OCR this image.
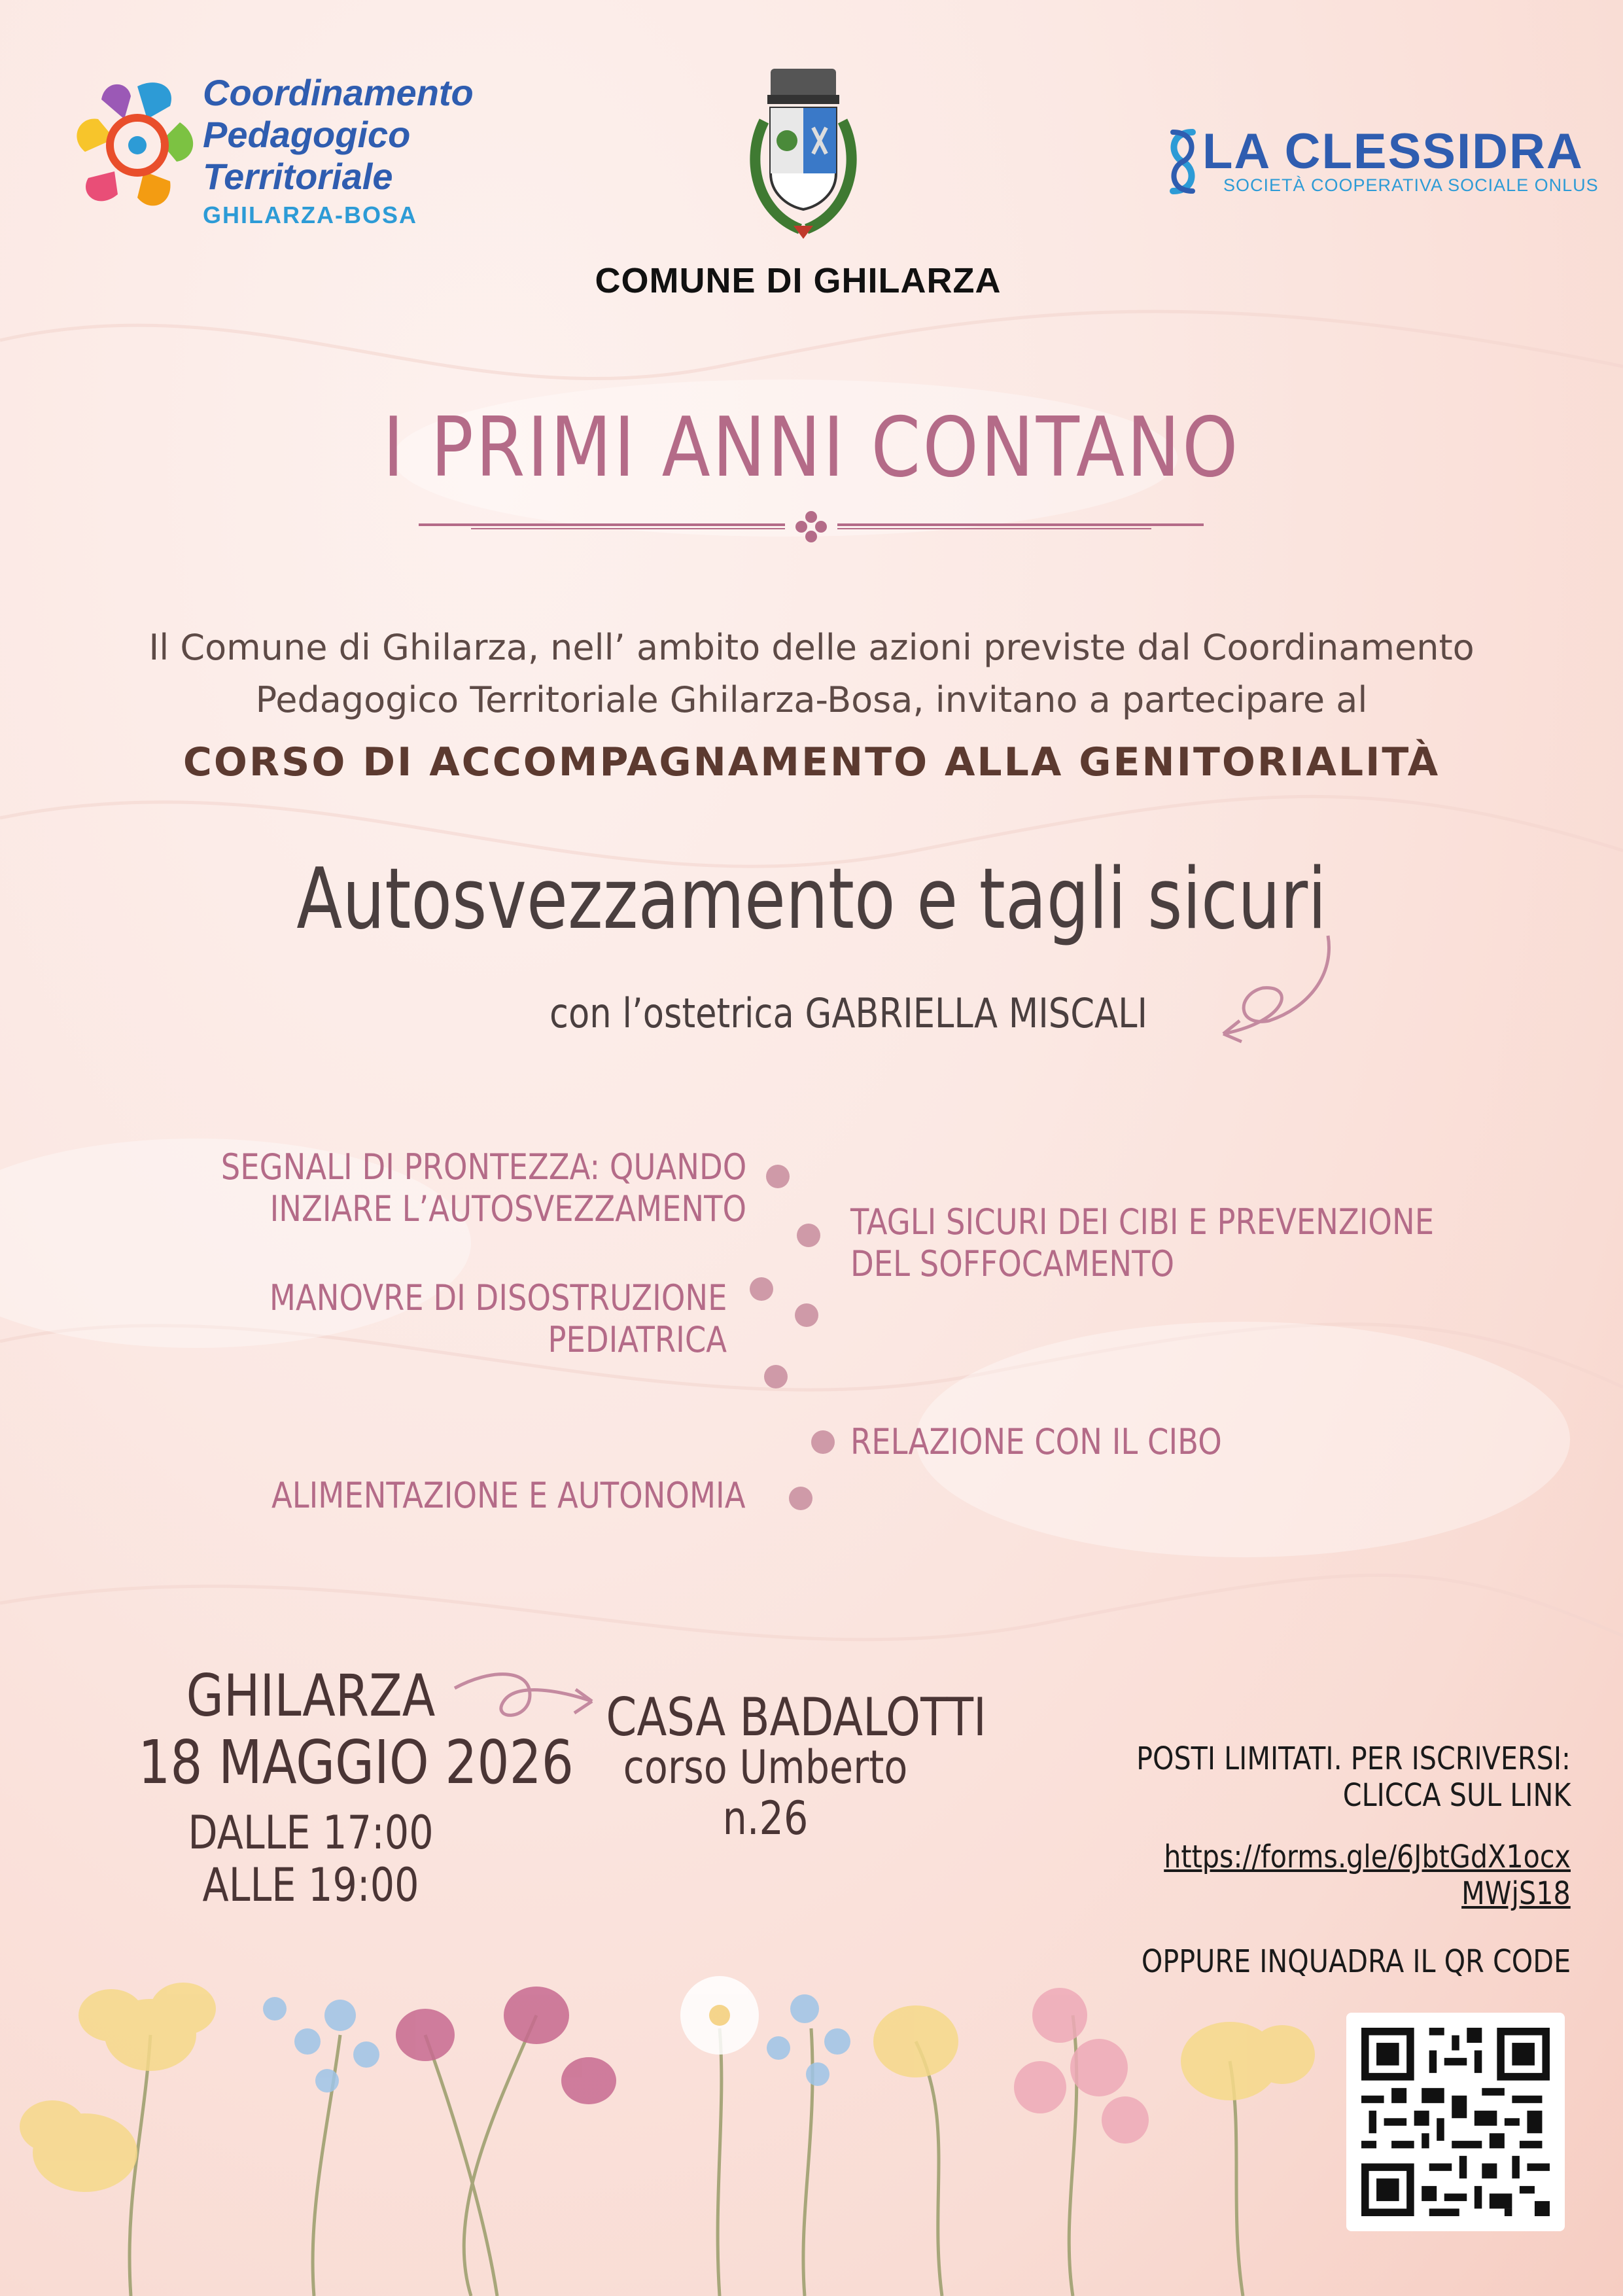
Coordinamento
Pedagogico
Territoriale
GHILARZA-BOSA
COMUNE DI GHILARZA
LA CLESSIDRA
SOCIETÀ COOPERATIVA SOCIALE ONLUS
I PRIMI ANNI CONTANO
Il Comune di Ghilarza, nell’ ambito delle azioni previste dal Coordinamento
Pedagogico Territoriale Ghilarza-Bosa, invitano a partecipare al
CORSO DI ACCOMPAGNAMENTO ALLA GENITORIALITÀ
Autosvezzamento e tagli sicuri
con l’ostetrica GABRIELLA MISCALI
SEGNALI DI PRONTEZZA: QUANDO
INZIARE L’AUTOSVEZZAMENTO	TAGLI SICURI DEI CIBI E PREVENZIONE
DEL SOFFOCAMENTO
MANOVRE DI DISOSTRUZIONE
PEDIATRICA
RELAZIONE CON IL CIBO
ALIMENTAZIONE E AUTONOMIA
GHILARZA
18 MAGGIO 2026
DALLE 17:00
ALLE 19:00
CASA BADALOTTI
corso Umberto
n.26
POSTI LIMITATI. PER ISCRIVERSI:
CLICCA SUL LINK
https://forms.gle/6JbtGdX1ocx
MWjS18
OPPURE INQUADRA IL QR CODE
